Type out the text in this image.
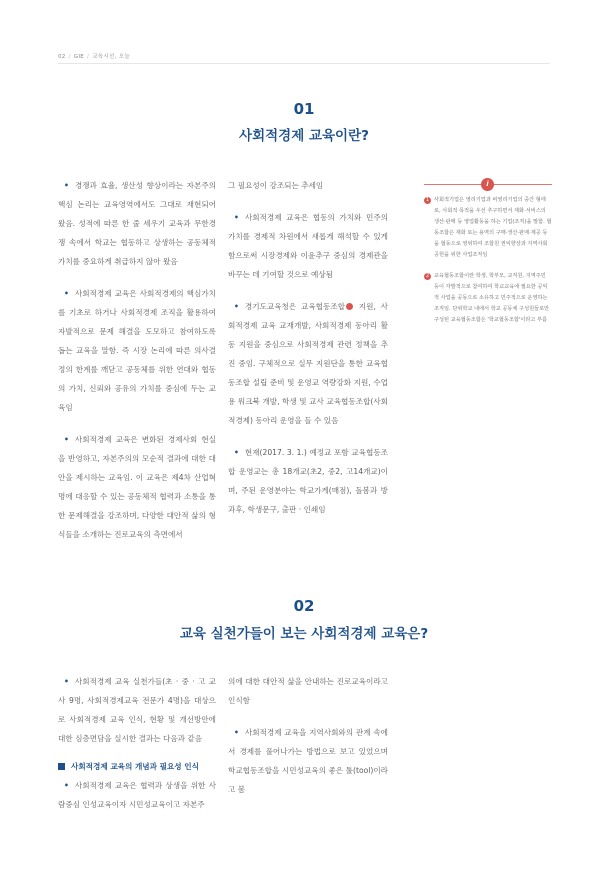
02 / GIE / 교육시선, 오늘
01
사회적경제 교육이란?

• 경쟁과 효율, 생산성 향상이라는 자본주의 핵심 논리는 교육영역에서도 그대로 재현되어 왔음. 성적에 따른 한 줄 세우기 교육과 무한경쟁 속에서 학교는 협동하고 상생하는 공동체적 가치를 중요하게 취급하지 않아 왔음

• 사회적경제 교육은 사회적경제의 핵심가치를 기초로 하거나 사회적경제 조직을 활용하여 자발적으로 문제 해결을 도모하고 참여하도록 돕는 교육을 말함. 즉 시장 논리에 따른 의사결정의 한계를 깨닫고 공동체를 위한 연대와 협동의 가치, 신뢰와 공유의 가치를 중심에 두는 교육임

• 사회적경제 교육은 변화된 경제사회 현실을 반영하고, 자본주의의 모순적 결과에 대한 대안을 제시하는 교육임. 이 교육은 제4차 산업혁명에 대응할 수 있는 공동체적 협력과 소통을 통한 문제해결을 강조하며, 다양한 대안적 삶의 형식들을 소개하는 진로교육의 측면에서

그 필요성이 강조되는 추세임

• 사회적경제 교육은 협동의 가치와 민주의 가치를 경제적 차원에서 새롭게 해석할 수 있게 함으로써 시장경제와 이윤추구 중심의 경제관을 바꾸는 데 기여할 것으로 예상됨

• 경기도교육청은 교육협동조합 지원, 사회적경제 교육 교재개발, 사회적경제 동아리 활동 지원을 중심으로 사회적경제 관련 정책을 추진 중임. 구체적으로 실무 지원단을 통한 교육협동조합 설립 준비 및 운영교 역량강화 지원, 수업용 워크북 개발, 학생 및 교사 교육협동조합(사회적경제) 동아리 운영을 들 수 있음

• 현재(2017. 3. 1.) 예정교 포함 교육협동조합 운영교는 총 18개교(초2, 중2, 고14개교)이며, 주된 운영분야는 학교가게(매점), 돌봄과 방과후, 학생문구, 출판 · 인쇄임

i
1 사회적기업은 영리기업과 비영리기업의 중간 형태로, 사회적 목적을 우선 추구하면서 재화·서비스의 생산·판매 등 영업활동을 하는 기업(조직)을 말함. 협동조합은 재화 또는 용역의 구매·생산·판매·제공 등을 협동으로 영위하여 조합원 권익향상과 지역사회 공헌을 위한 사업조직임
2 교육협동조합이란 학생, 학부모, 교직원, 지역주민 등이 자발적으로 참여하여 학교교육에 필요한 공익적 사업을 공동으로 소유하고 민주적으로 운영하는 조직임. 단위학교 내에서 학교 공동체 구성원들로만 구성된 교육협동조합은 '학교협동조합'이라고 부름
02
교육 실천가들이 보는 사회적경제 교육은?

• 사회적경제 교육 실천가들(초 · 중 · 고 교사 9명, 사회적경제교육 전문가 4명)을 대상으로 사회적경제 교육 인식, 현황 및 개선방안에 대한 심층면담을 실시한 결과는 다음과 같음

사회적경제 교육의 개념과 필요성 인식

• 사회적경제 교육은 협력과 상생을 위한 사람중심 인성교육이자 시민성교육이고 자본주

의에 대한 대안적 삶을 안내하는 진로교육이라고 인식함

• 사회적경제 교육을 지역사회와의 관계 속에서 경제를 풀어나가는 방법으로 보고 있었으며 학교협동조합을 시민성교육의 좋은 툴(tool)이라고 봄
